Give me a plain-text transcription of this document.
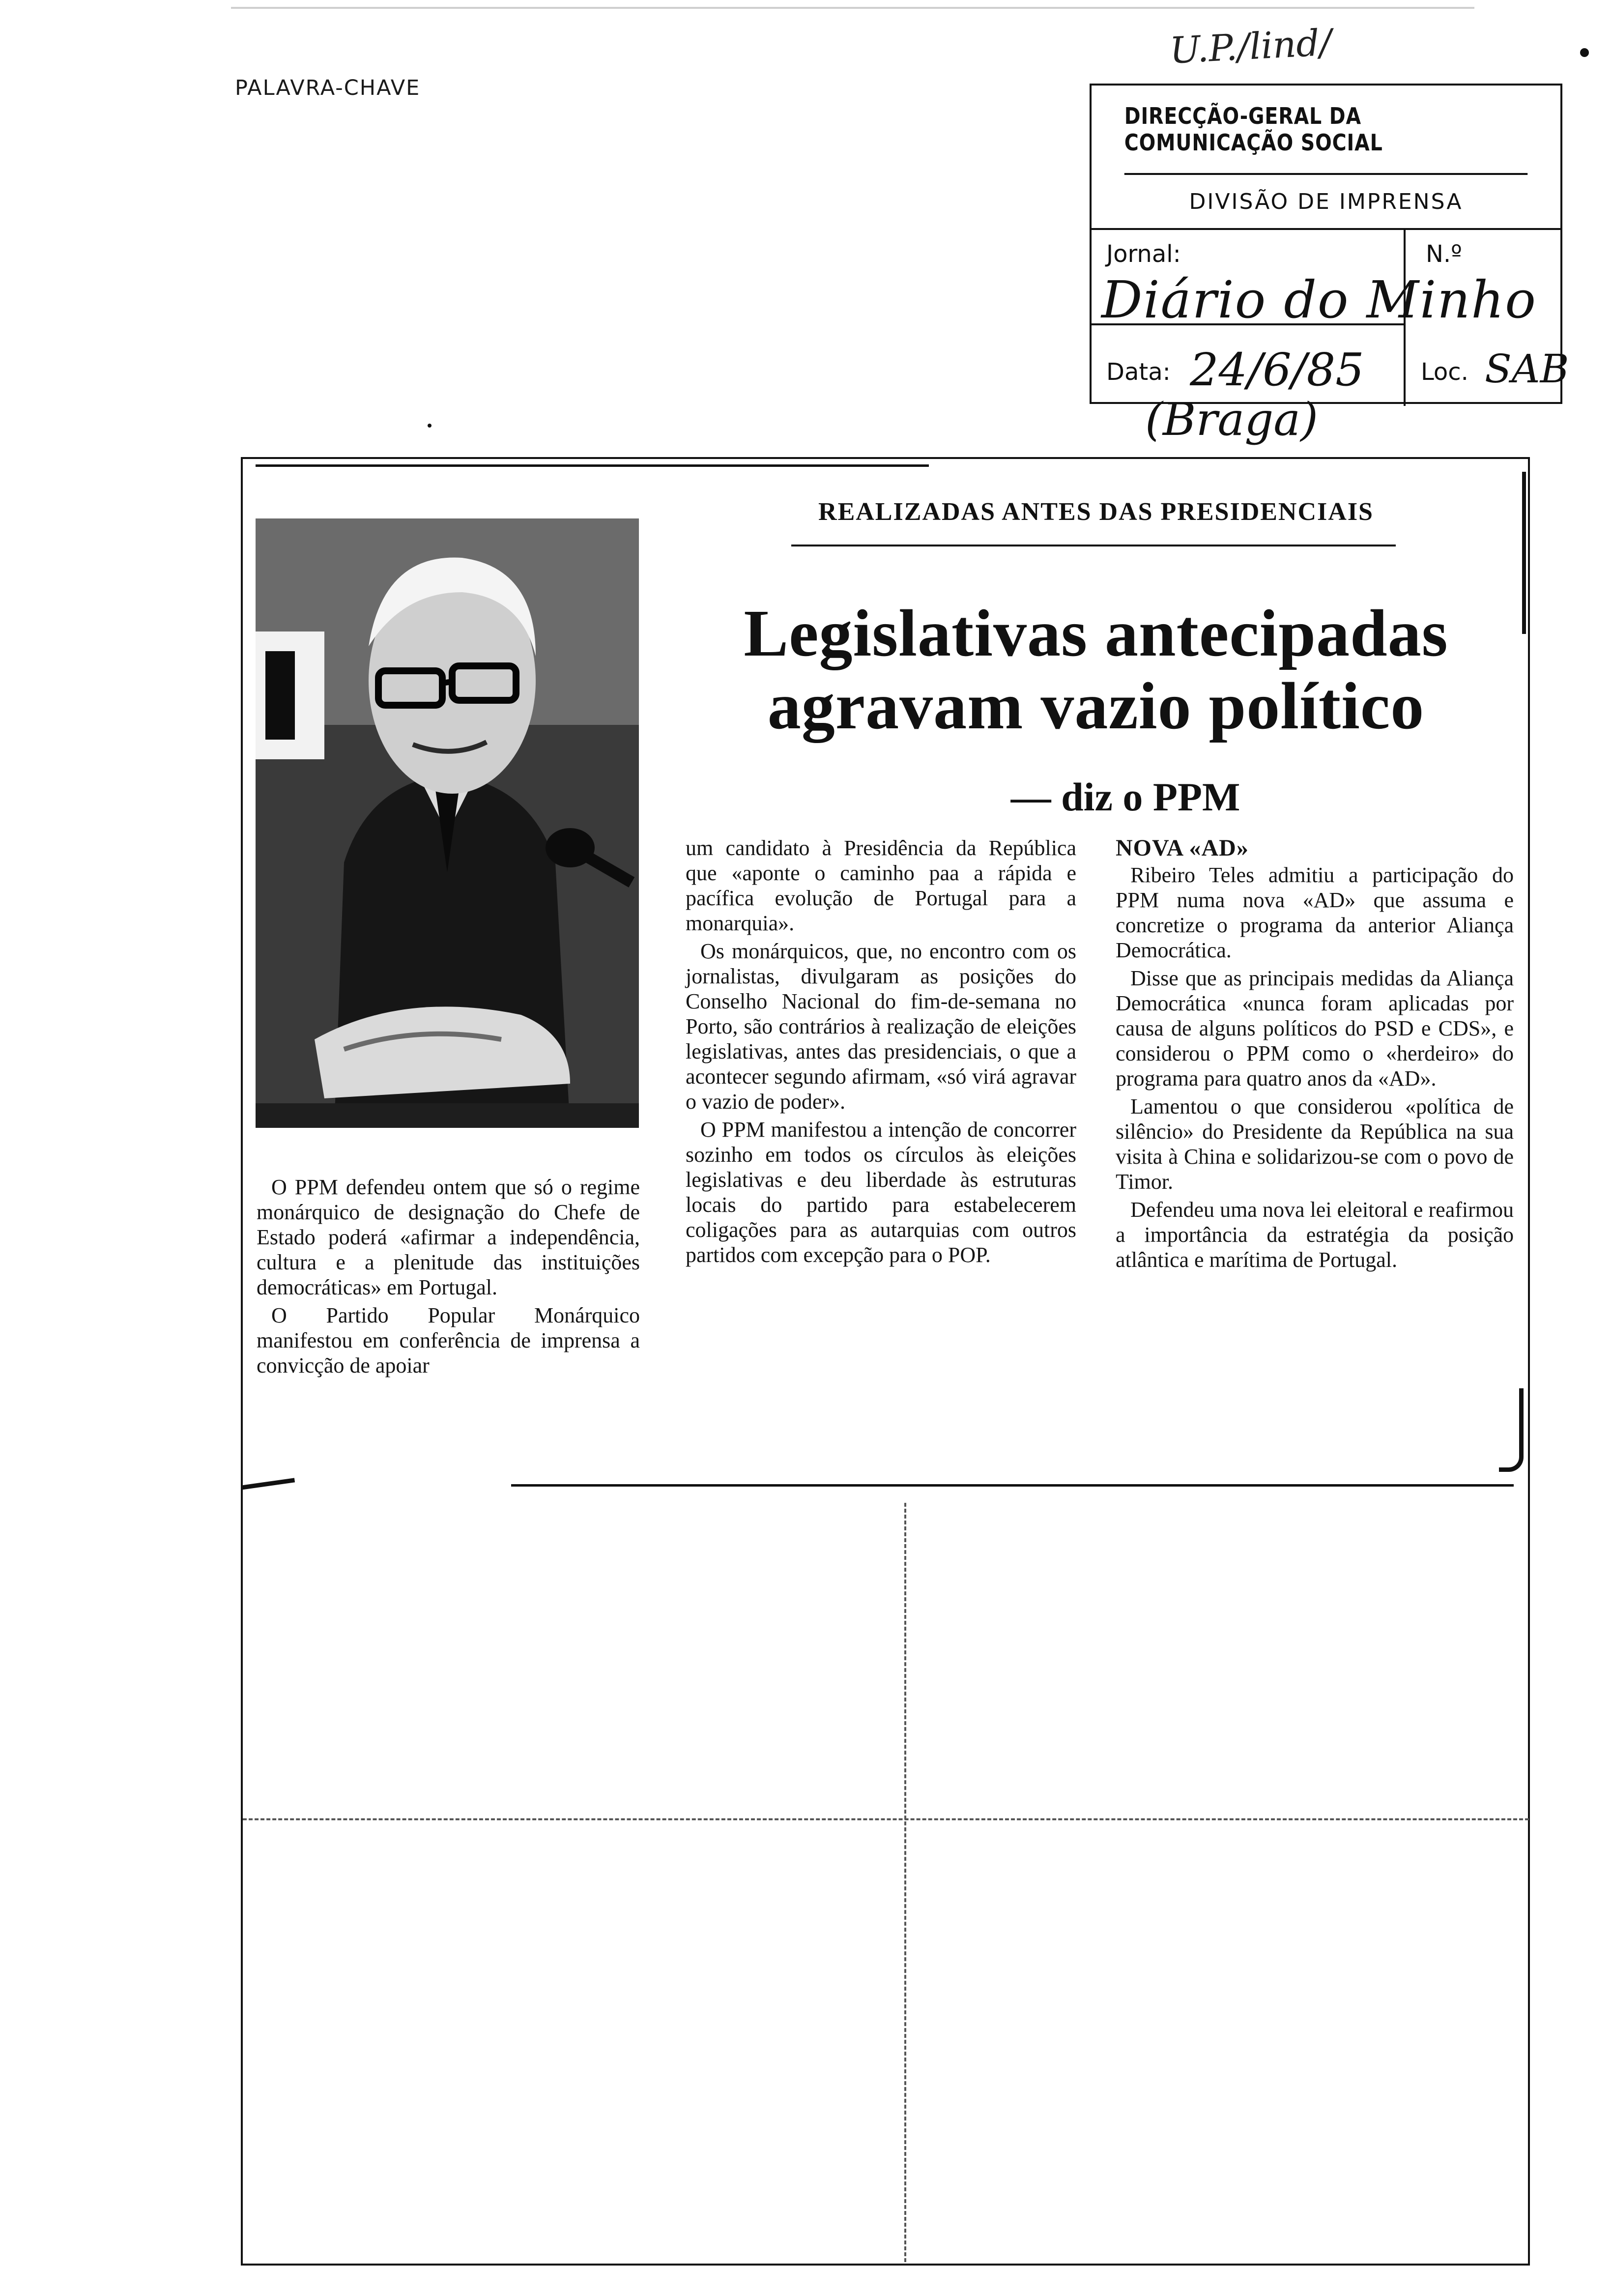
PALAVRA-CHAVE
U.P./lind/
DIRECÇÃO-GERAL DA COMUNICAÇÃO SOCIAL
DIVISÃO DE IMPRENSA
Jornal:	N.º
Diário do Minho
Data: 24/6/85 Loc. SAB
(Braga)
REALIZADAS ANTES DAS PRESIDENCIAIS
Legislativas antecipadas
agravam vazio político
— diz o PPM

O PPM defendeu ontem que só o regime monárquico de designação do Chefe de Estado poderá «afirmar a independência, cultura e a plenitude das instituições democráticas» em Portugal.

O Partido Popular Monárquico manifestou em conferência de imprensa a convicção de apoiar

um candidato à Presidência da República que «aponte o caminho paa a rápida e pacífica evolução de Portugal para a monarquia».

Os monárquicos, que, no encontro com os jornalistas, divulgaram as posições do Conselho Nacional do fim-de-semana no Porto, são contrários à realização de eleições legislativas, antes das presidenciais, o que a acontecer segundo afirmam, «só virá agravar o vazio de poder».

O PPM manifestou a intenção de concorrer sozinho em todos os círculos às eleições legislativas e deu liberdade às estruturas locais do partido para estabelecerem coligações para as autarquias com outros partidos com excepção para o POP.

NOVA «AD»

Ribeiro Teles admitiu a participação do PPM numa nova «AD» que assuma e concretize o programa da anterior Aliança Democrática.

Disse que as principais medidas da Aliança Democrática «nunca foram aplicadas por causa de alguns políticos do PSD e CDS», e considerou o PPM como o «herdeiro» do programa para quatro anos da «AD».

Lamentou o que considerou «política de silêncio» do Presidente da República na sua visita à China e solidarizou-se com o povo de Timor.

Defendeu uma nova lei eleitoral e reafirmou a importância da estratégia da posição atlântica e marítima de Portugal.
